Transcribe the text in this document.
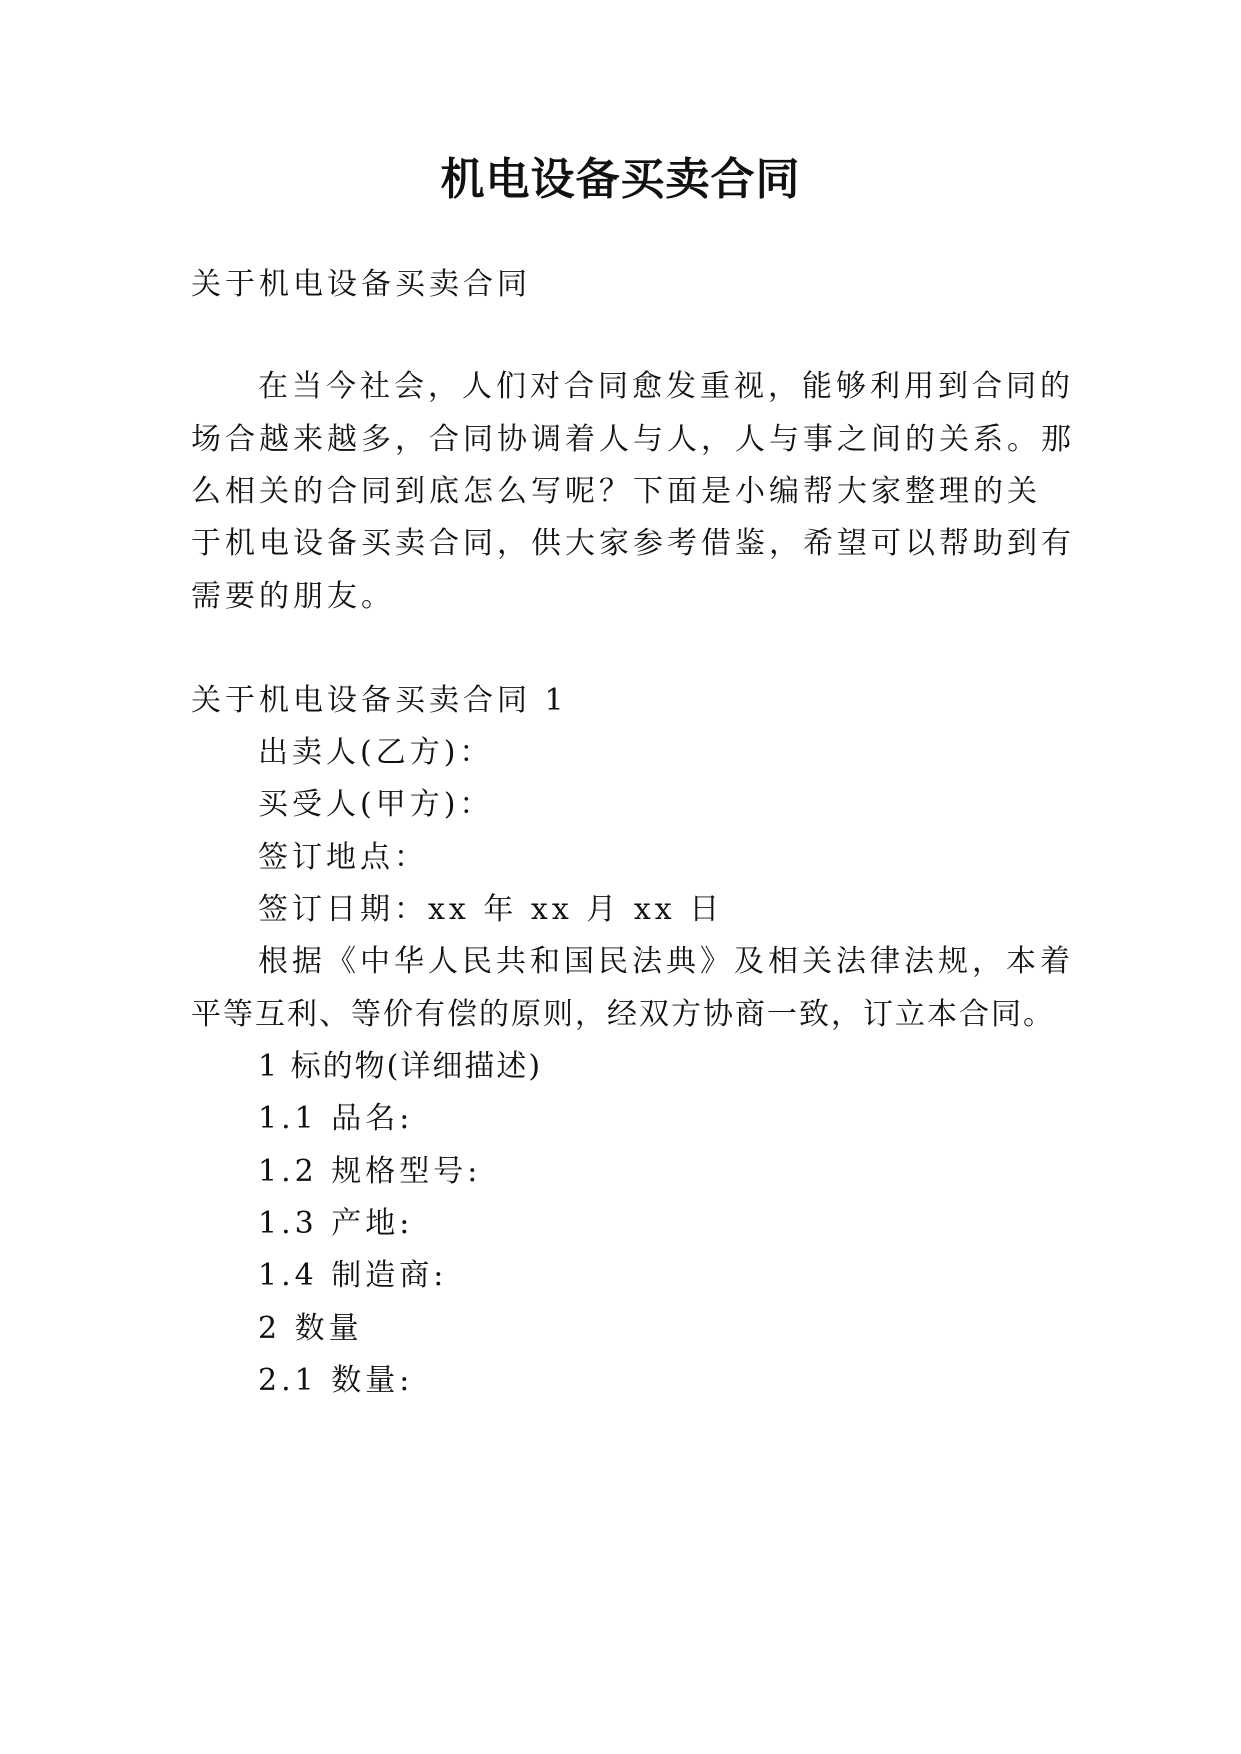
机电设备买卖合同
关于机电设备买卖合同
在当今社会，人们对合同愈发重视，能够利用到合同的
场合越来越多，合同协调着人与人，人与事之间的关系。那
么相关的合同到底怎么写呢？下面是小编帮大家整理的关
于机电设备买卖合同，供大家参考借鉴，希望可以帮助到有
需要的朋友。
关于机电设备买卖合同 1
出卖人(乙方)：
买受人(甲方)：
签订地点：
签订日期：xx 年 xx 月 xx 日
根据《中华人民共和国民法典》及相关法律法规，本着
平等互利、等价有偿的原则，经双方协商一致，订立本合同。
1 标的物(详细描述)
1.1 品名:
1.2 规格型号:
1.3 产地:
1.4 制造商:
2 数量
2.1 数量:
